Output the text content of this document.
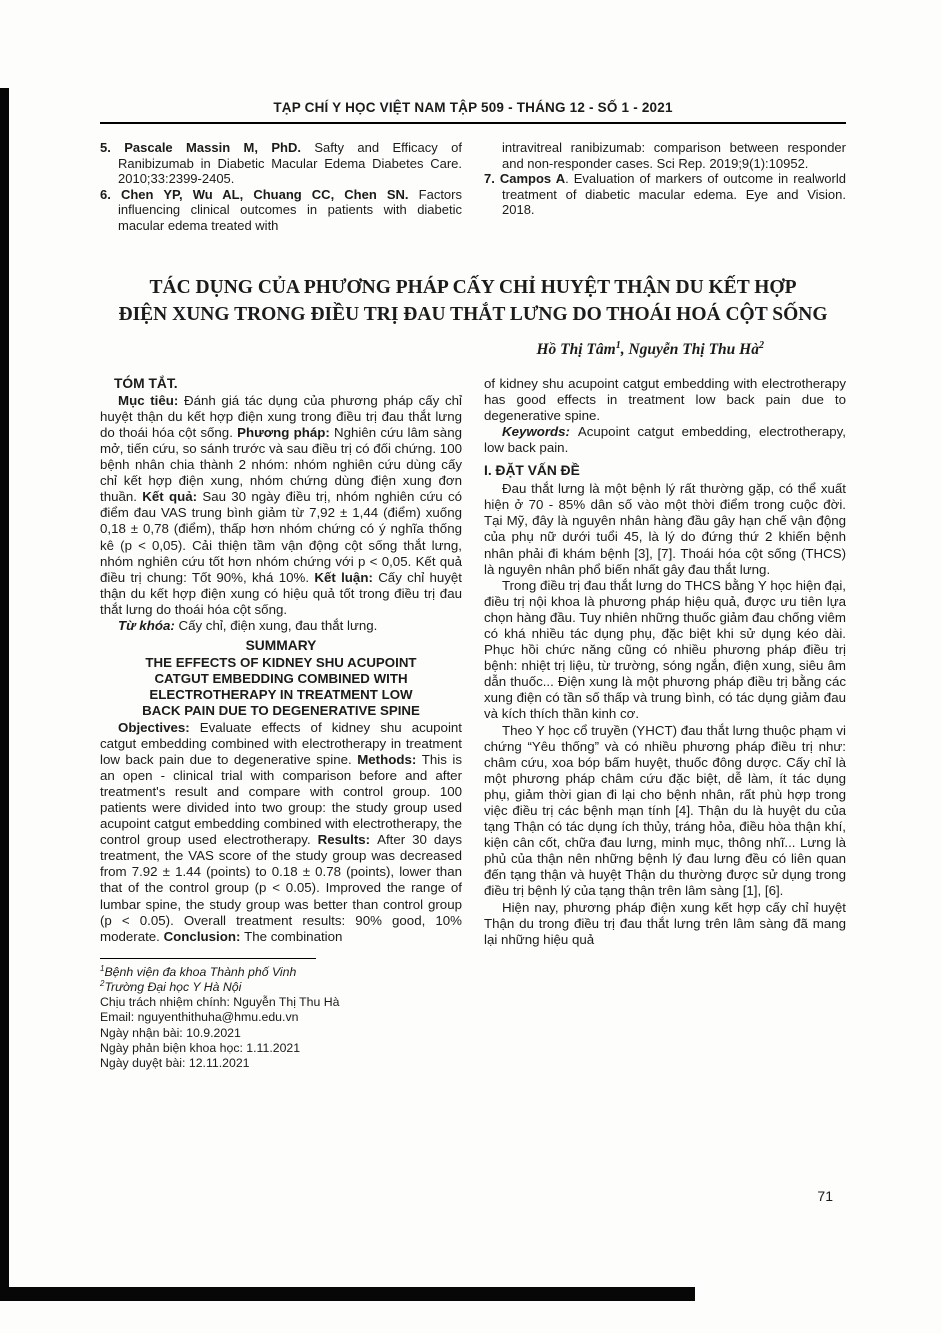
TẠP CHÍ Y HỌC VIỆT NAM TẬP 509 - THÁNG 12 - SỐ 1 - 2021

5. Pascale Massin M, PhD. Safty and Efficacy of Ranibizumab in Diabetic Macular Edema Diabetes Care. 2010;33:2399-2405.

6. Chen YP, Wu AL, Chuang CC, Chen SN. Factors influencing clinical outcomes in patients with diabetic macular edema treated with

intravitreal ranibizumab: comparison between responder and non-responder cases. Sci Rep. 2019;9(1):10952.

7. Campos A. Evaluation of markers of outcome in realworld treatment of diabetic macular edema. Eye and Vision. 2018.

TÁC DỤNG CỦA PHƯƠNG PHÁP CẤY CHỈ HUYỆT THẬN DU KẾT HỢP
ĐIỆN XUNG TRONG ĐIỀU TRỊ ĐAU THẮT LƯNG DO THOÁI HOÁ CỘT SỐNG
Hồ Thị Tâm$^1$, Nguyễn Thị Thu $Hà^2$
TÓM TẮT.

Mục tiêu: Đánh giá tác dụng của phương pháp cấy chỉ huyệt thận du kết hợp điện xung trong điều trị đau thắt lưng do thoái hóa cột sống. Phương pháp: Nghiên cứu lâm sàng mở, tiến cứu, so sánh trước và sau điều trị có đối chứng. 100 bệnh nhân chia thành 2 nhóm: nhóm nghiên cứu dùng cấy chỉ kết hợp điện xung, nhóm chứng dùng điện xung đơn thuần. Kết quả: Sau 30 ngày điều trị, nhóm nghiên cứu có điểm đau VAS trung bình giảm từ 7,92 ± 1,44 (điểm) xuống 0,18 ± 0,78 (điểm), thấp hơn nhóm chứng có ý nghĩa thống kê (p < 0,05). Cải thiện tầm vận động cột sống thắt lưng, nhóm nghiên cứu tốt hơn nhóm chứng với p < 0,05. Kết quả điều trị chung: Tốt 90%, khá 10%. Kết luận: Cấy chỉ huyệt thận du kết hợp điện xung có hiệu quả tốt trong điều trị đau thắt lưng do thoái hóa cột sống.

Từ khóa: Cấy chỉ, điện xung, đau thắt lưng.

SUMMARY
THE EFFECTS OF KIDNEY SHU ACUPOINT
CATGUT EMBEDDING COMBINED WITH
ELECTROTHERAPY IN TREATMENT LOW
BACK PAIN DUE TO DEGENERATIVE SPINE

Objectives: Evaluate effects of kidney shu acupoint catgut embedding combined with electrotherapy in treatment low back pain due to degenerative spine. Methods: This is an open - clinical trial with comparison before and after treatment's result and compare with control group. 100 patients were divided into two group: the study group used acupoint catgut embedding combined with electrotherapy, the control group used electrotherapy. Results: After 30 days treatment, the VAS score of the study group was decreased from 7.92 ± 1.44 (points) to 0.18 ± 0.78 (points), lower than that of the control group (p < 0.05). Improved the range of lumbar spine, the study group was better than control group (p < 0.05). Overall treatment results: 90% good, 10% moderate. Conclusion: The combination

$^1$Bệnh viện đa khoa Thành phố Vinh
$^2$Trường Đại học Y Hà Nội
Chịu trách nhiệm chính: Nguyễn Thị Thu Hà
Email: nguyenthithuha@hmu.edu.vn
Ngày nhận bài: 10.9.2021
Ngày phản biện khoa học: 1.11.2021
Ngày duyệt bài: 12.11.2021

of kidney shu acupoint catgut embedding with electrotherapy has good effects in treatment low back pain due to degenerative spine.

Keywords: Acupoint catgut embedding, electrotherapy, low back pain.

I. ĐẶT VẤN ĐỀ

Đau thắt lưng là một bệnh lý rất thường gặp, có thể xuất hiện ở 70 - 85% dân số vào một thời điểm trong cuộc đời. Tại Mỹ, đây là nguyên nhân hàng đầu gây hạn chế vận động của phụ nữ dưới tuổi 45, là lý do đứng thứ 2 khiến bệnh nhân phải đi khám bệnh [3], [7]. Thoái hóa cột sống (THCS) là nguyên nhân phổ biến nhất gây đau thắt lưng.

Trong điều trị đau thắt lưng do THCS bằng Y học hiện đại, điều trị nội khoa là phương pháp hiệu quả, được ưu tiên lựa chọn hàng đầu. Tuy nhiên những thuốc giảm đau chống viêm có khá nhiều tác dụng phụ, đặc biệt khi sử dụng kéo dài. Phục hồi chức năng cũng có nhiều phương pháp điều trị bệnh: nhiệt trị liệu, từ trường, sóng ngắn, điện xung, siêu âm dẫn thuốc... Điện xung là một phương pháp điều trị bằng các xung điện có tần số thấp và trung bình, có tác dụng giảm đau và kích thích thần kinh cơ.

Theo Y học cổ truyền (YHCT) đau thắt lưng thuộc phạm vi chứng “Yêu thống” và có nhiều phương pháp điều trị như: châm cứu, xoa bóp bấm huyệt, thuốc đông dược. Cấy chỉ là một phương pháp châm cứu đặc biệt, dễ làm, ít tác dụng phụ, giảm thời gian đi lại cho bệnh nhân, rất phù hợp trong việc điều trị các bệnh mạn tính [4]. Thận du là huyệt du của tạng Thận có tác dụng ích thủy, tráng hỏa, điều hòa thận khí, kiện cân cốt, chữa đau lưng, minh mục, thông nhĩ... Lưng là phủ của thận nên những bệnh lý đau lưng đều có liên quan đến tạng thận và huyệt Thận du thường được sử dụng trong điều trị bệnh lý của tạng thận trên lâm sàng [1], [6].

Hiện nay, phương pháp điện xung kết hợp cấy chỉ huyệt Thận du trong điều trị đau thắt lưng trên lâm sàng đã mang lại những hiệu quả

71
